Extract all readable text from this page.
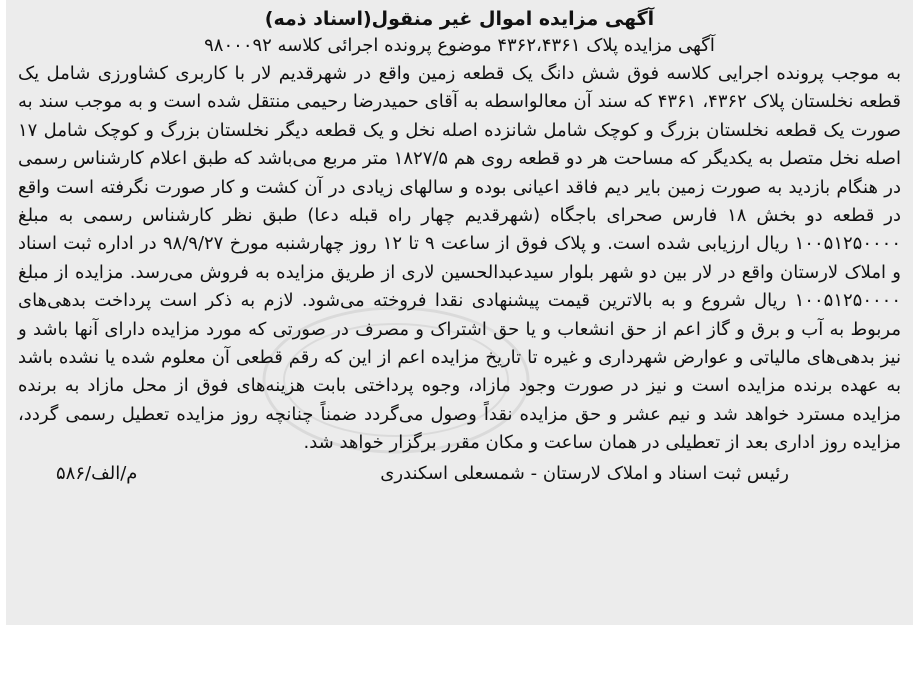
آگهی مزایده اموال غیر منقول(اسناد ذمه)

آگهی مزایده پلاک ۴۳۶۲،۴۳۶۱ موضوع پرونده اجرائی کلاسه ۹۸۰۰۰۹۲

به موجب پرونده اجرایی کلاسه فوق شش دانگ یک قطعه زمین واقع در شهرقدیم لار با کاربری کشاورزی شامل یک قطعه نخلستان پلاک ۴۳۶۲، ۴۳۶۱ که سند آن معالواسطه به آقای حمیدرضا رحیمی منتقل شده است و به موجب سند به صورت یک قطعه نخلستان بزرگ و کوچک شامل شانزده اصله نخل و یک قطعه دیگر نخلستان بزرگ و کوچک شامل ۱۷ اصله نخل متصل به یکدیگر که مساحت هر دو قطعه روی هم ۱۸۲۷/۵ متر مربع می‌باشد که طبق اعلام کارشناس رسمی در هنگام بازدید به صورت زمین بایر دیم فاقد اعیانی بوده و سالهای زیادی در آن کشت و کار صورت نگرفته است واقع در قطعه دو بخش ۱۸ فارس صحرای باجگاه (شهرقدیم چهار راه قبله دعا) طبق نظر کارشناس رسمی به مبلغ ۱۰۰۵۱۲۵۰۰۰۰ ریال ارزیابی شده است. و پلاک فوق از ساعت ۹ تا ۱۲ روز چهارشنبه مورخ ۹۸/۹/۲۷ در اداره ثبت اسناد و املاک لارستان واقع در لار بین دو شهر بلوار سیدعبدالحسین لاری از طریق مزایده به فروش می‌رسد. مزایده از مبلغ ۱۰۰۵۱۲۵۰۰۰۰ ریال شروع و به بالاترین قیمت پیشنهادی نقدا فروخته می‌شود. لازم به ذکر است پرداخت بدهی‌های مربوط به آب و برق و گاز اعم از حق انشعاب و یا حق اشتراک و مصرف در صورتی که مورد مزایده دارای آنها باشد و نیز بدهی‌های مالیاتی و عوارض شهرداری و غیره تا تاریخ مزایده اعم از این که رقم قطعی آن معلوم شده یا نشده باشد به عهده برنده مزایده است و نیز در صورت وجود مازاد، وجوه پرداختی بابت هزینه‌های فوق از محل مازاد به برنده مزایده مسترد خواهد شد و نیم عشر و حق مزایده نقداً وصول می‌گردد ضمناً چنانچه روز مزایده تعطیل رسمی گردد، مزایده روز اداری بعد از تعطیلی در همان ساعت و مکان مقرر برگزار خواهد شد.

رئیس ثبت اسناد و املاک لارستان - شمسعلی اسکندری
م/الف/۵۸۶
